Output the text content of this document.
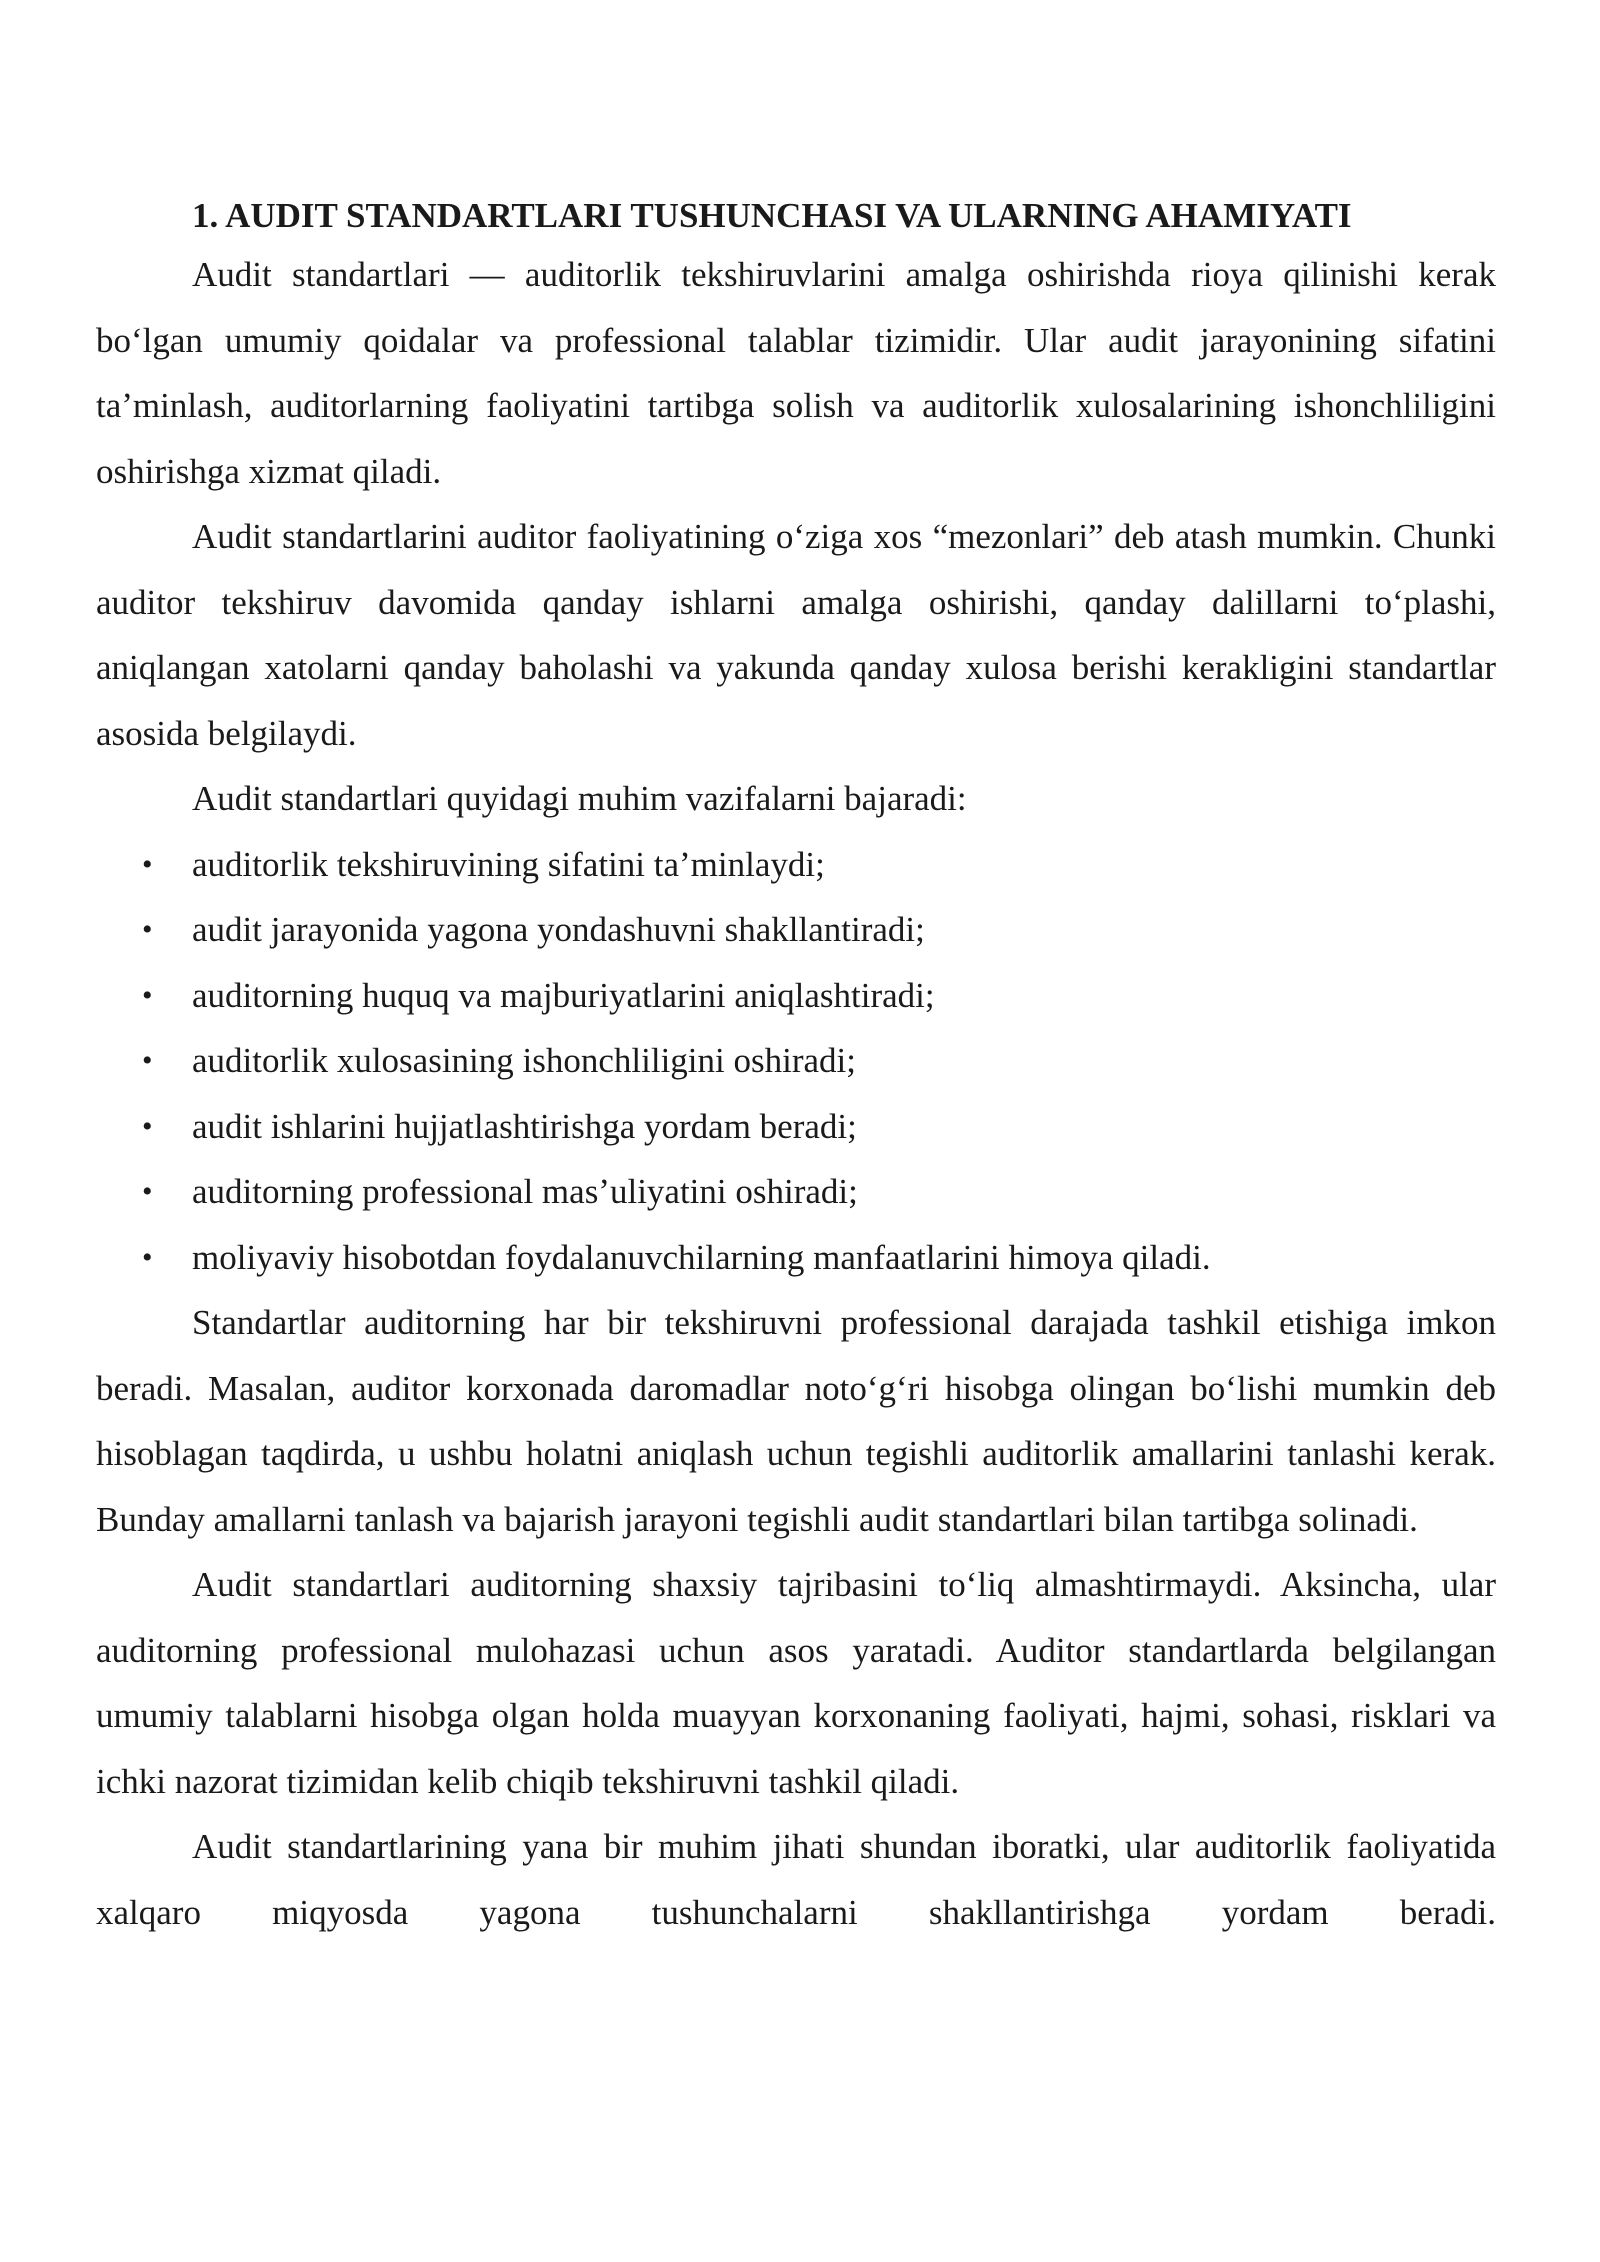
1. AUDIT STANDARTLARI TUSHUNCHASI VA ULARNING AHAMIYATI

Audit standartlari — auditorlik tekshiruvlarini amalga oshirishda rioya qilinishi kerak boʻlgan umumiy qoidalar va professional talablar tizimidir. Ular audit jarayonining sifatini taʼminlash, auditorlarning faoliyatini tartibga solish va auditorlik xulosalarining ishonchliligini oshirishga xizmat qiladi.

Audit standartlarini auditor faoliyatining oʻziga xos “mezonlari” deb atash mumkin. Chunki auditor tekshiruv davomida qanday ishlarni amalga oshirishi, qanday dalillarni toʻplashi, aniqlangan xatolarni qanday baholashi va yakunda qanday xulosa berishi kerakligini standartlar asosida belgilaydi.

Audit standartlari quyidagi muhim vazifalarni bajaradi:

• auditorlik tekshiruvining sifatini taʼminlaydi;
• audit jarayonida yagona yondashuvni shakllantiradi;
• auditorning huquq va majburiyatlarini aniqlashtiradi;
• auditorlik xulosasining ishonchliligini oshiradi;
• audit ishlarini hujjatlashtirishga yordam beradi;
• auditorning professional masʼuliyatini oshiradi;
• moliyaviy hisobotdan foydalanuvchilarning manfaatlarini himoya qiladi.

Standartlar auditorning har bir tekshiruvni professional darajada tashkil etishiga imkon beradi. Masalan, auditor korxonada daromadlar notoʻgʻri hisobga olingan boʻlishi mumkin deb hisoblagan taqdirda, u ushbu holatni aniqlash uchun tegishli auditorlik amallarini tanlashi kerak. Bunday amallarni tanlash va bajarish jarayoni tegishli audit standartlari bilan tartibga solinadi.

Audit standartlari auditorning shaxsiy tajribasini toʻliq almashtirmaydi. Aksincha, ular auditorning professional mulohazasi uchun asos yaratadi. Auditor standartlarda belgilangan umumiy talablarni hisobga olgan holda muayyan korxonaning faoliyati, hajmi, sohasi, risklari va ichki nazorat tizimidan kelib chiqib tekshiruvni tashkil qiladi.

Audit standartlarining yana bir muhim jihati shundan iboratki, ular auditorlik faoliyatida xalqaro miqyosda yagona tushunchalarni shakllantirishga yordam beradi.
